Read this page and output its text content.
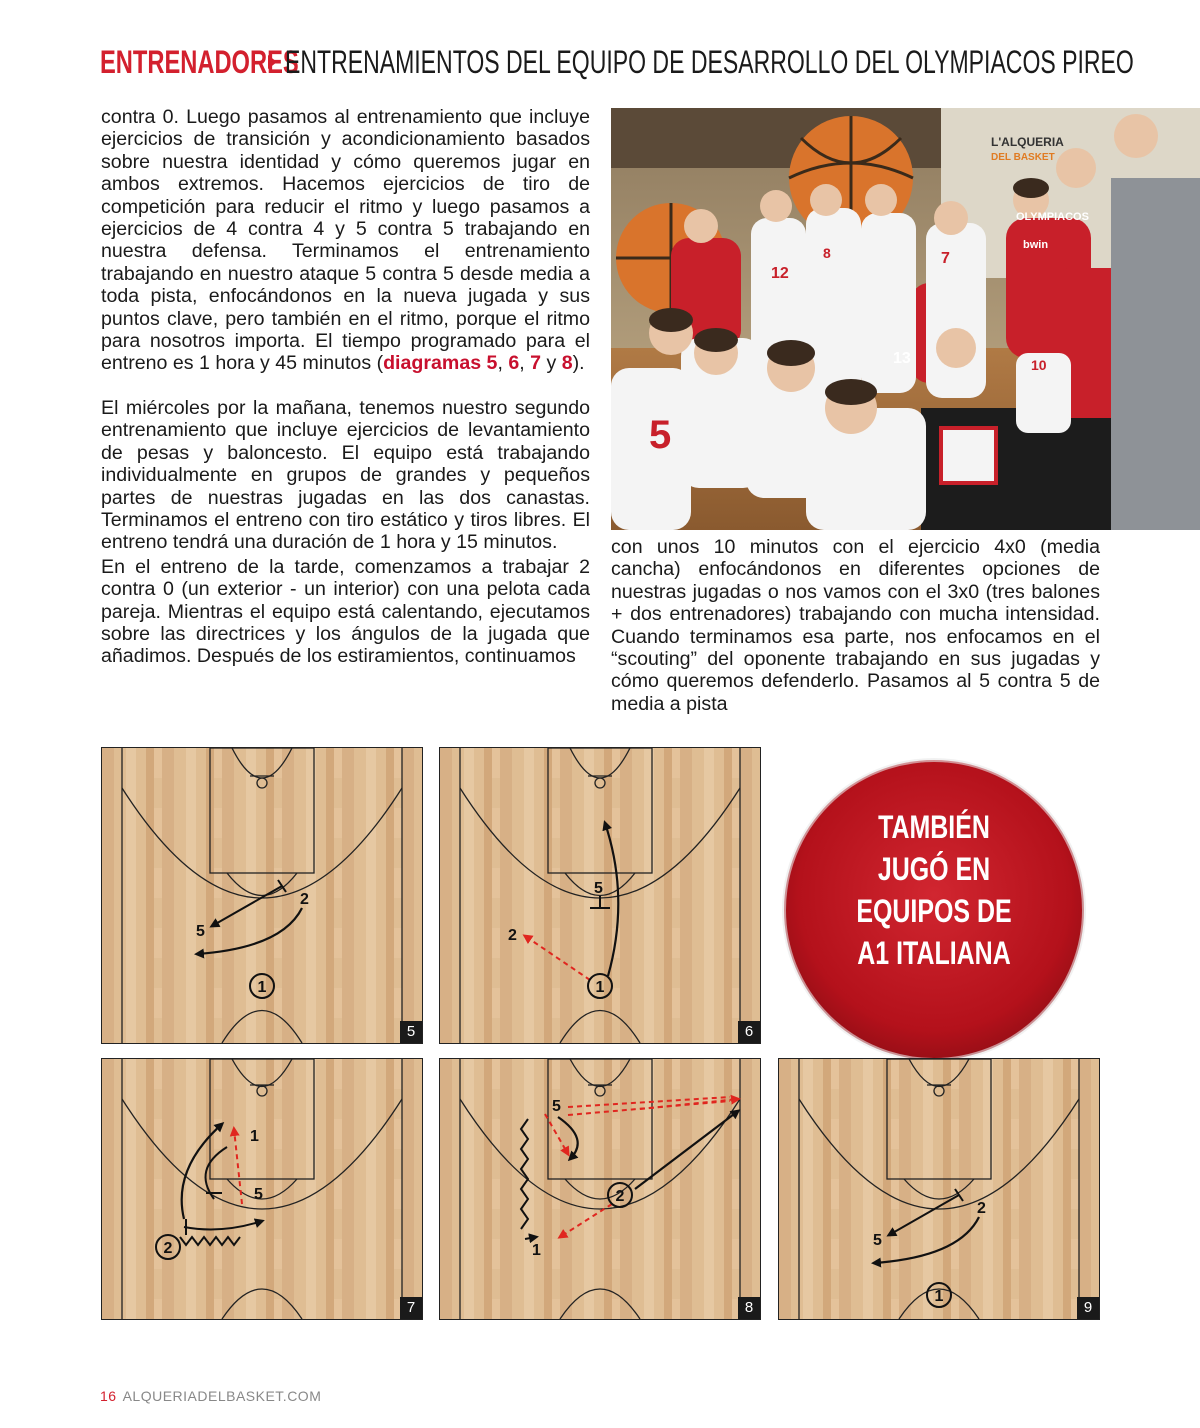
ENTRENADORES
ENTRENAMIENTOS DEL EQUIPO DE DESARROLLO DEL OLYMPIACOS PIREO

contra 0. Luego pasamos al entrenamiento que incluye ejercicios de transición y acondicionamiento basados sobre nuestra identidad y cómo queremos jugar en ambos extremos. Hacemos ejercicios de tiro de competición para reducir el ritmo y luego pasamos a ejercicios de 4 contra 4 y 5 contra 5 trabajando en nuestra defensa. Terminamos el entrenamiento trabajando en nuestro ataque 5 contra 5 desde media a toda pista, enfocándonos en la nueva jugada y sus puntos clave, pero también en el ritmo, porque el ritmo para nosotros importa. El tiempo programado para el entreno es 1 hora y 45 minutos (diagramas 5, 6, 7 y 8).

El miércoles por la mañana, tenemos nuestro segundo entrenamiento que incluye ejercicios de levantamiento de pesas y baloncesto. El equipo está trabajando individualmente en grupos de grandes y pequeños partes de nuestras jugadas en las dos canastas. Terminamos el entreno con tiro estático y tiros libres. El entreno tendrá una duración de 1 hora y 15 minutos.

En el entreno de la tarde, comenzamos a trabajar 2 contra 0 (un exterior - un interior) con una pelota cada pareja. Mientras el equipo está calentando, ejecutamos sobre las directrices y los ángulos de la jugada que añadimos. Después de los estiramientos, continuamos

L'ALQUERIA
DEL BASKET
12
8	7
13	10
5
OLYMPIACOS
bwin

con unos 10 minutos con el ejercicio 4x0 (media cancha) enfocándonos en diferentes opciones de nuestras jugadas o nos vamos con el 3x0 (tres balones + dos entrenadores) trabajando con mucha intensidad. Cuando terminamos esa parte, nos enfocamos en el “scouting” del oponente trabajando en sus jugadas y cómo queremos defenderlo. Pasamos al 5 contra 5 de media a pista

5
2
1
5
5
2
1
6
TAMBIÉN
JUGÓ EN
EQUIPOS DE
A1 ITALIANA
1
5
2
7
5
2
1
8
2
5
1
9
16 ALQUERIADELBASKET.COM
